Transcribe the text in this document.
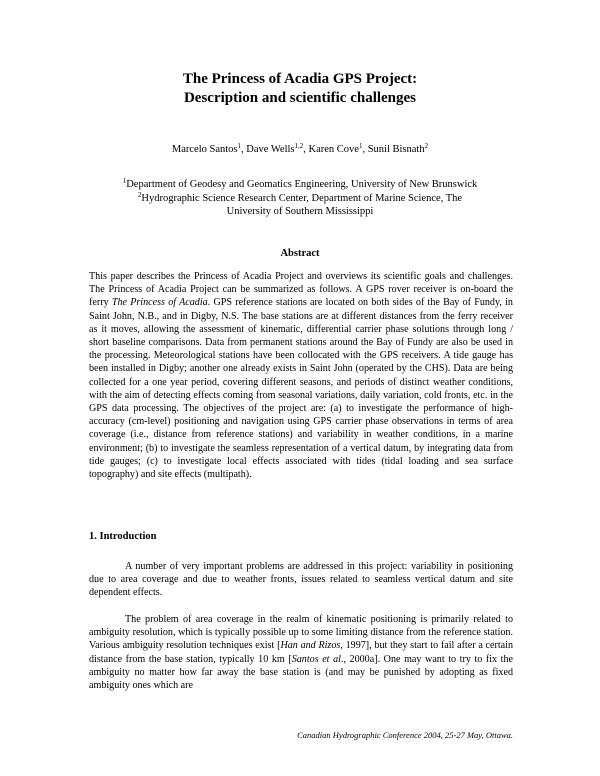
The Princess of Acadia GPS Project:
Description and scientific challenges
Marcelo Santos$^1$, Dave Wells$^{1,2}$, Karen Cove$^1$, Sunil Bisnath$^2$
$^1$Department of Geodesy and Geomatics Engineering, University of New Brunswick
$^2$Hydrographic Science Research Center, Department of Marine Science, The University of Southern Mississippi
Abstract
This paper describes the Princess of Acadia Project and overviews its scientific goals and challenges. The Princess of Acadia Project can be summarized as follows. A GPS rover receiver is on-board the ferry The Princess of Acadia. GPS reference stations are located on both sides of the Bay of Fundy, in Saint John, N.B., and in Digby, N.S. The base stations are at different distances from the ferry receiver as it moves, allowing the assessment of kinematic, differential carrier phase solutions through long / short baseline comparisons. Data from permanent stations around the Bay of Fundy are also be used in the processing. Meteorological stations have been collocated with the GPS receivers. A tide gauge has been installed in Digby; another one already exists in Saint John (operated by the CHS). Data are being collected for a one year period, covering different seasons, and periods of distinct weather conditions, with the aim of detecting effects coming from seasonal variations, daily variation, cold fronts, etc. in the GPS data processing. The objectives of the project are: (a) to investigate the performance of high-accuracy (cm-level) positioning and navigation using GPS carrier phase observations in terms of area coverage (i.e., distance from reference stations) and variability in weather conditions, in a marine environment; (b) to investigate the seamless representation of a vertical datum, by integrating data from tide gauges; (c) to investigate local effects associated with tides (tidal loading and sea surface topography) and site effects (multipath).
1. Introduction
A number of very important problems are addressed in this project: variability in positioning due to area coverage and due to weather fronts, issues related to seamless vertical datum and site dependent effects.
The problem of area coverage in the realm of kinematic positioning is primarily related to ambiguity resolution, which is typically possible up to some limiting distance from the reference station. Various ambiguity resolution techniques exist [Han and Rizos, 1997], but they start to fail after a certain distance from the base station, typically 10 km [Santos et al., 2000a]. One may want to try to fix the ambiguity no matter how far away the base station is (and may be punished by adopting as fixed ambiguity ones which are
Canadian Hydrographic Conference 2004, 25-27 May, Ottawa.
